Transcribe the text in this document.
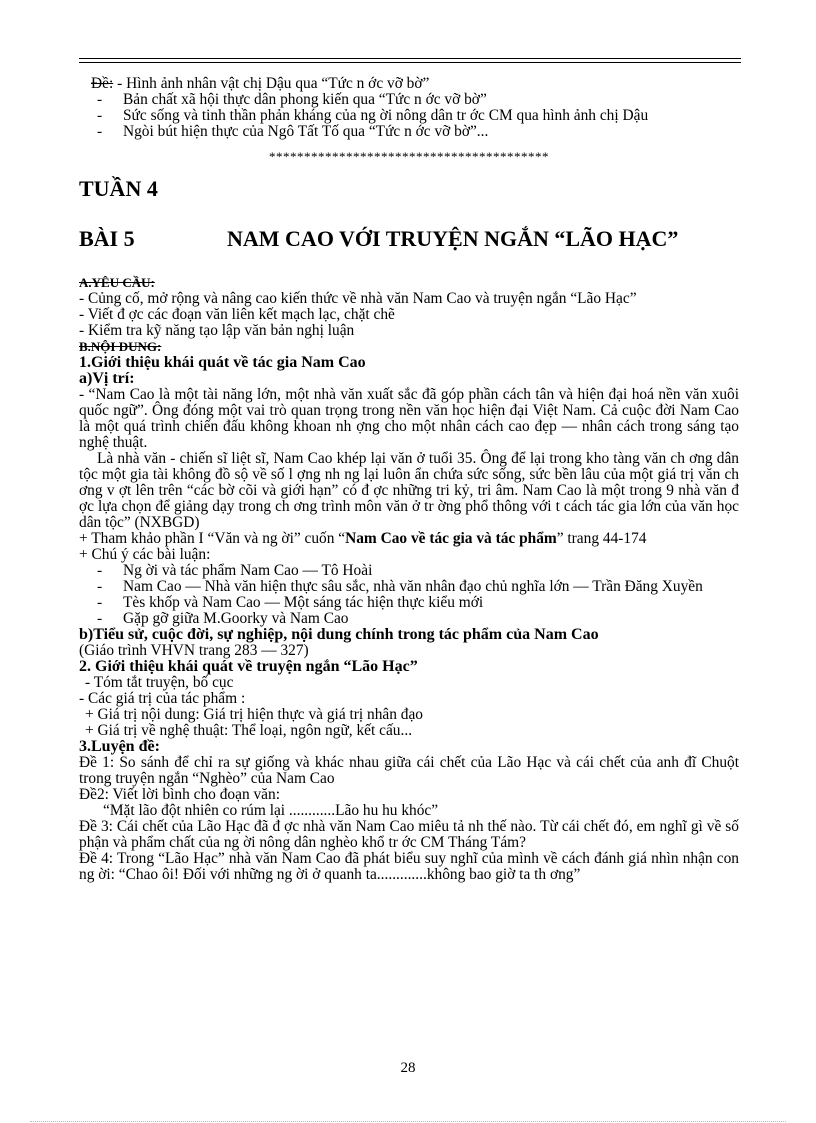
Đề: - Hình ảnh nhân vật chị Dậu qua “Tức n ớc vỡ bờ”

- Bản chất xã hội thực dân phong kiến qua “Tức n ớc vỡ bờ”

- Sức sống và tinh thần phản kháng của ng ời nông dân tr ớc CM qua hình ảnh chị Dậu

- Ngòi bút hiện thực của Ngô Tất Tố qua “Tức n ớc vỡ bờ”...

****************************************

TUẦN 4

BÀI 5	NAM CAO VỚI TRUYỆN NGẮN “LÃO HẠC”

A.YÊU CẦU:

- Củng cố, mở rộng và nâng cao kiến thức về nhà văn Nam Cao và truyện ngắn “Lão Hạc”

- Viết đ ợc các đoạn văn liên kết mạch lạc, chặt chẽ

- Kiểm tra kỹ năng tạo lập văn bản nghị luận

B.NỘI DUNG:

1.Giới thiệu khái quát về tác gia Nam Cao

a)Vị trí:

- “Nam Cao là một tài năng lớn, một nhà văn xuất sắc đã góp phần cách tân và hiện đại hoá nền văn xuôi quốc ngữ”. Ông đóng một vai trò quan trọng trong nền văn học hiện đại Việt Nam. Cả cuộc đời Nam Cao là một quá trình chiến đấu không khoan nh ợng cho một nhân cách cao đẹp — nhân cách trong sáng tạo nghệ thuật.

Là nhà văn - chiến sĩ liệt sĩ, Nam Cao khép lại văn ở tuổi 35. Ông để lại trong kho tàng văn ch ơng dân tộc một gia tài không đồ sộ về số l ợng nh ng lại luôn ẩn chứa sức sống, sức bền lâu của một giá trị văn ch ơng v ợt lên trên “các bờ cõi và giới hạn” có đ ợc những tri kỷ, tri âm. Nam Cao là một trong 9 nhà văn đ ợc lựa chọn để giảng dạy trong ch ơng trình môn văn ở tr ờng phổ thông với t cách tác gia lớn của văn học dân tộc” (NXBGD)

+ Tham khảo phần I “Văn và ng ời” cuốn “Nam Cao về tác gia và tác phẩm” trang 44-174

+ Chú ý các bài luận:

- Ng ời và tác phẩm Nam Cao — Tô Hoài

- Nam Cao — Nhà văn hiện thực sâu sắc, nhà văn nhân đạo chủ nghĩa lớn — Trần Đăng Xuyền

- Tès khốp và Nam Cao — Một sáng tác hiện thực kiểu mới

- Gặp gỡ giữa M.Goorky và Nam Cao

b)Tiểu sử, cuộc đời, sự nghiệp, nội dung chính trong tác phẩm của Nam Cao

(Giáo trình VHVN trang 283 — 327)

2. Giới thiệu khái quát về truyện ngắn “Lão Hạc”

- Tóm tắt truyện, bố cục

- Các giá trị của tác phẩm :

+ Giá trị nội dung: Giá trị hiện thực và giá trị nhân đạo

+ Giá trị về nghệ thuật: Thể loại, ngôn ngữ, kết cấu...

3.Luyện đề:

Đề 1: So sánh để chỉ ra sự giống và khác nhau giữa cái chết của Lão Hạc và cái chết của anh đĩ Chuột trong truyện ngắn “Nghèo” của Nam Cao

Đề2: Viết lời bình cho đoạn văn:

“Mặt lão đột nhiên co rúm lại ............Lão hu hu khóc”

Đề 3: Cái chết của Lão Hạc đã đ ợc nhà văn Nam Cao miêu tả nh thế nào. Từ cái chết đó, em nghĩ gì về số phận và phẩm chất của ng ời nông dân nghèo khổ tr ớc CM Tháng Tám?

Đề 4: Trong “Lão Hạc” nhà văn Nam Cao đã phát biểu suy nghĩ của mình về cách đánh giá nhìn nhận con ng ời: “Chao ôi! Đối với những ng ời ở quanh ta.............không bao giờ ta th ơng”

28
